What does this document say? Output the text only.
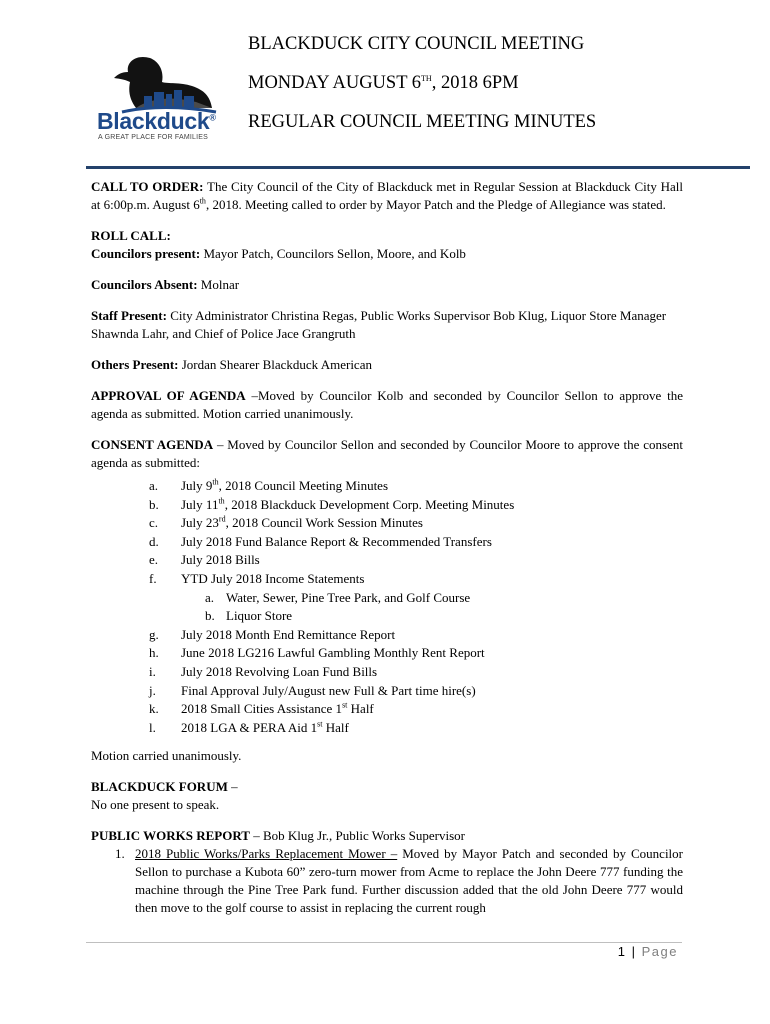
Blackduck®
A GREAT PLACE FOR FAMILIES
BLACKDUCK CITY COUNCIL MEETING
MONDAY AUGUST 6TH, 2018 6PM
REGULAR COUNCIL MEETING MINUTES

CALL TO ORDER: The City Council of the City of Blackduck met in Regular Session at Blackduck City Hall at 6:00p.m. August 6th, 2018. Meeting called to order by Mayor Patch and the Pledge of Allegiance was stated.

ROLL CALL:
Councilors present: Mayor Patch, Councilors Sellon, Moore, and Kolb

Councilors Absent: Molnar

Staff Present: City Administrator Christina Regas, Public Works Supervisor Bob Klug, Liquor Store Manager Shawnda Lahr, and Chief of Police Jace Grangruth

Others Present: Jordan Shearer Blackduck American

APPROVAL OF AGENDA –Moved by Councilor Kolb and seconded by Councilor Sellon to approve the agenda as submitted. Motion carried unanimously.

CONSENT AGENDA – Moved by Councilor Sellon and seconded by Councilor Moore to approve the consent agenda as submitted:

a. July 9th, 2018 Council Meeting Minutes
b. July 11th, 2018 Blackduck Development Corp. Meeting Minutes
c. July 23rd, 2018 Council Work Session Minutes
d. July 2018 Fund Balance Report & Recommended Transfers
e. July 2018 Bills
f. YTD July 2018 Income Statements
a. Water, Sewer, Pine Tree Park, and Golf Course
b. Liquor Store
g. July 2018 Month End Remittance Report
h. June 2018 LG216 Lawful Gambling Monthly Rent Report
i. July 2018 Revolving Loan Fund Bills
j. Final Approval July/August new Full & Part time hire(s)
k. 2018 Small Cities Assistance 1st Half
l. 2018 LGA & PERA Aid 1st Half

Motion carried unanimously.

BLACKDUCK FORUM –
No one present to speak.

PUBLIC WORKS REPORT – Bob Klug Jr., Public Works Supervisor
1. 2018 Public Works/Parks Replacement Mower – Moved by Mayor Patch and seconded by Councilor Sellon to purchase a Kubota 60” zero-turn mower from Acme to replace the John Deere 777 funding the machine through the Pine Tree Park fund. Further discussion added that the old John Deere 777 would then move to the golf course to assist in replacing the current rough
1 | Page
